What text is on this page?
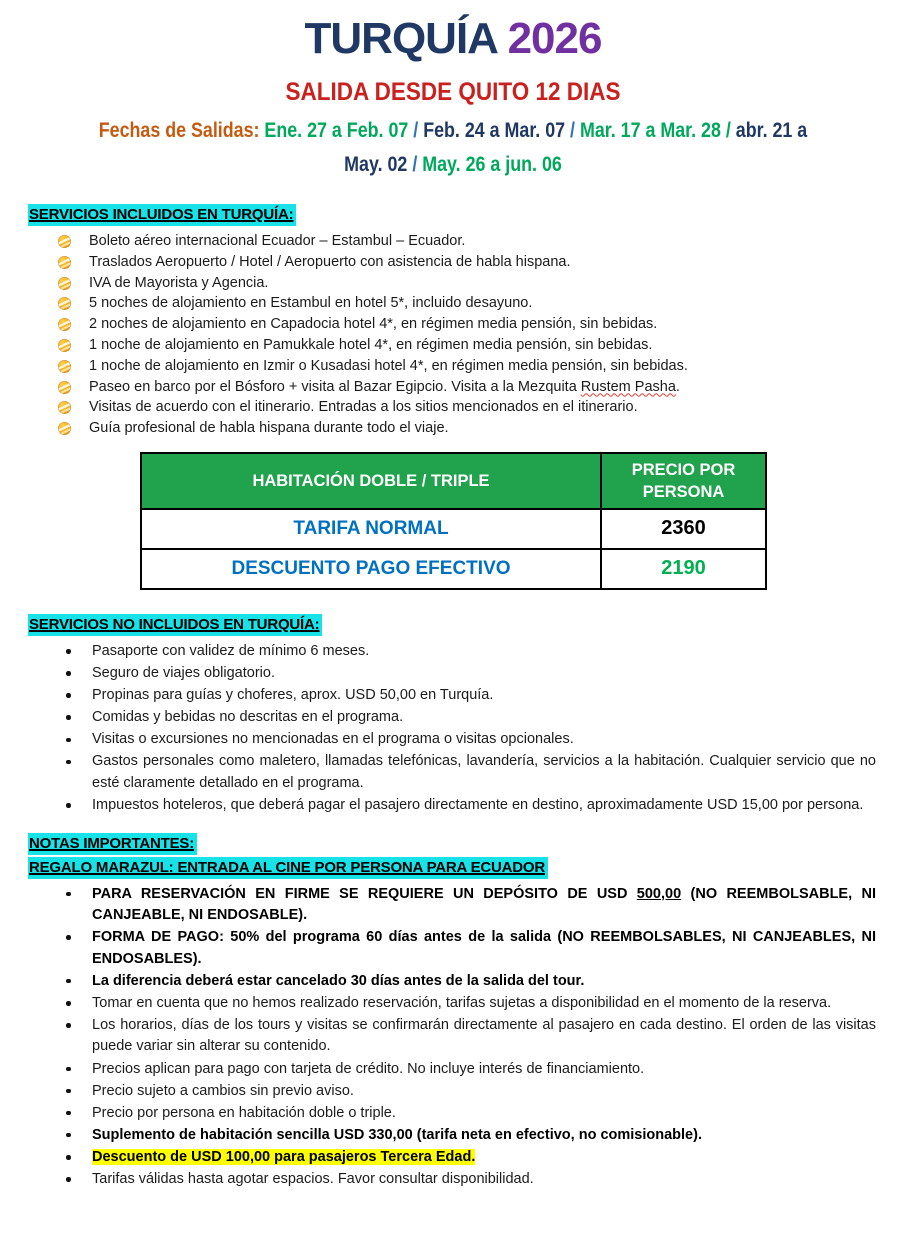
TURQUÍA 2026
SALIDA DESDE QUITO 12 DIAS
Fechas de Salidas: Ene. 27 a Feb. 07 / Feb. 24 a Mar. 07 / Mar. 17 a Mar. 28 / abr. 21 a
May. 02 / May. 26 a jun. 06
SERVICIOS INCLUIDOS EN TURQUÍA:
Boleto aéreo internacional Ecuador – Estambul – Ecuador.
Traslados Aeropuerto / Hotel / Aeropuerto con asistencia de habla hispana.
IVA de Mayorista y Agencia.
5 noches de alojamiento en Estambul en hotel 5*, incluido desayuno.
2 noches de alojamiento en Capadocia hotel 4*, en régimen media pensión, sin bebidas.
1 noche de alojamiento en Pamukkale hotel 4*, en régimen media pensión, sin bebidas.
1 noche de alojamiento en Izmir o Kusadasi hotel 4*, en régimen media pensión, sin bebidas.
Paseo en barco por el Bósforo + visita al Bazar Egipcio. Visita a la Mezquita Rustem Pasha.
Visitas de acuerdo con el itinerario. Entradas a los sitios mencionados en el itinerario.
Guía profesional de habla hispana durante todo el viaje.
HABITACIÓN DOBLE / TRIPLE	PRECIO POR PERSONA
TARIFA NORMAL	2360
DESCUENTO PAGO EFECTIVO	2190
SERVICIOS NO INCLUIDOS EN TURQUÍA:
Pasaporte con validez de mínimo 6 meses.
Seguro de viajes obligatorio.
Propinas para guías y choferes, aprox. USD 50,00 en Turquía.
Comidas y bebidas no descritas en el programa.
Visitas o excursiones no mencionadas en el programa o visitas opcionales.
Gastos personales como maletero, llamadas telefónicas, lavandería, servicios a la habitación. Cualquier servicio que no esté claramente detallado en el programa.
Impuestos hoteleros, que deberá pagar el pasajero directamente en destino, aproximadamente USD 15,00 por persona.
NOTAS IMPORTANTES:
REGALO MARAZUL: ENTRADA AL CINE POR PERSONA PARA ECUADOR
PARA RESERVACIÓN EN FIRME SE REQUIERE UN DEPÓSITO DE USD 500,00 (NO REEMBOLSABLE, NI CANJEABLE, NI ENDOSABLE).
FORMA DE PAGO: 50% del programa 60 días antes de la salida (NO REEMBOLSABLES, NI CANJEABLES, NI ENDOSABLES).
La diferencia deberá estar cancelado 30 días antes de la salida del tour.
Tomar en cuenta que no hemos realizado reservación, tarifas sujetas a disponibilidad en el momento de la reserva.
Los horarios, días de los tours y visitas se confirmarán directamente al pasajero en cada destino. El orden de las visitas puede variar sin alterar su contenido.
Precios aplican para pago con tarjeta de crédito. No incluye interés de financiamiento.
Precio sujeto a cambios sin previo aviso.
Precio por persona en habitación doble o triple.
Suplemento de habitación sencilla USD 330,00 (tarifa neta en efectivo, no comisionable).
Descuento de USD 100,00 para pasajeros Tercera Edad.
Tarifas válidas hasta agotar espacios. Favor consultar disponibilidad.
